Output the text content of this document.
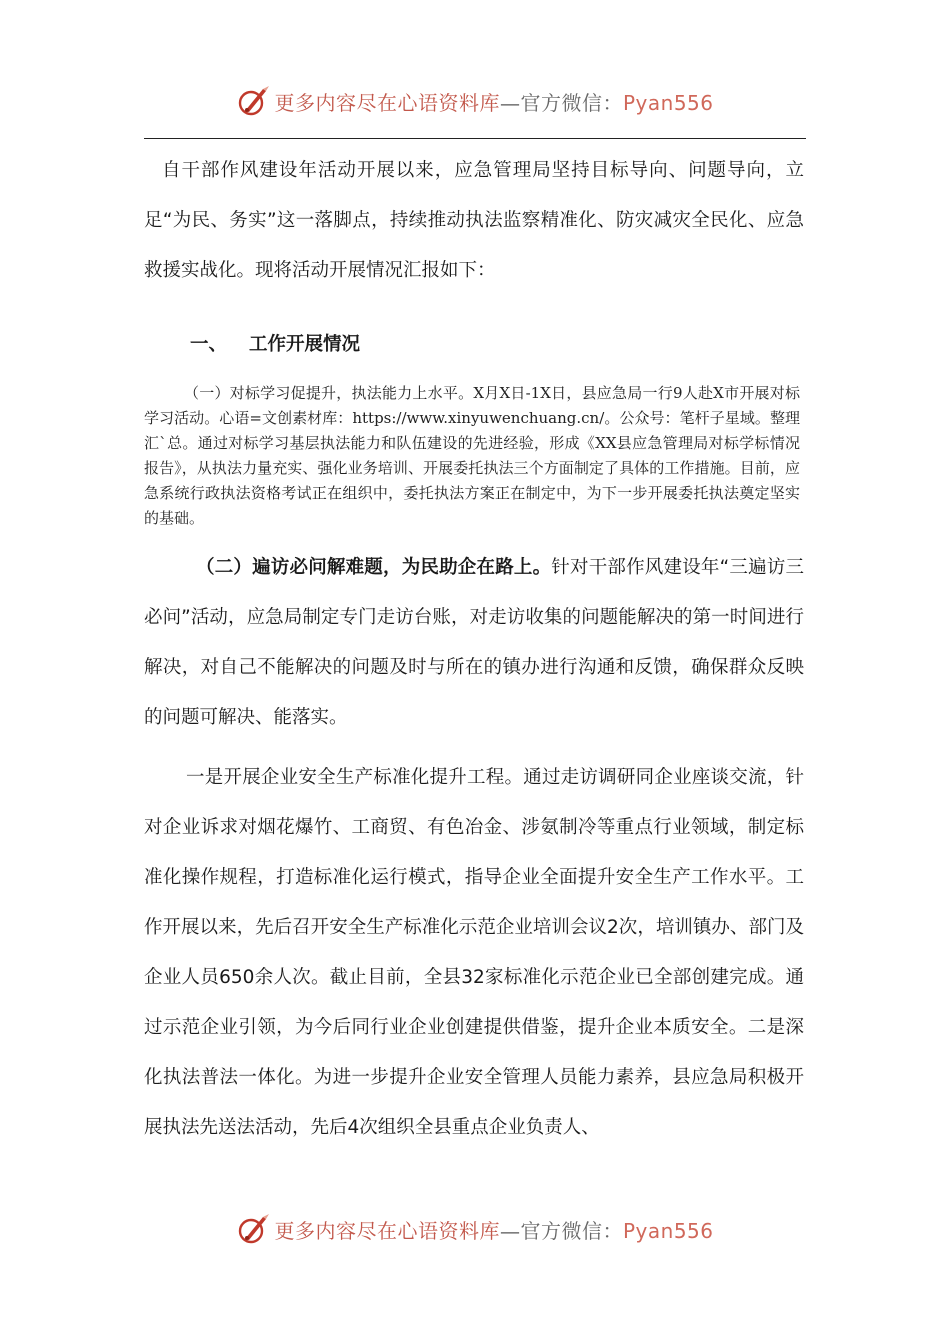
更多内容尽在心语资料库—官方微信：Pyan556

自干部作风建设年活动开展以来，应急管理局坚持目标导向、问题导向，立足“为民、务实”这一落脚点，持续推动执法监察精准化、防灾减灾全民化、应急救援实战化。现将活动开展情况汇报如下：

一、 工作开展情况

（一）对标学习促提升，执法能力上水平。X月X日-1X日，县应急局一行9人赴X市开展对标学习活动。心语=文创素材库：https://www.xinyuwenchuang.cn/。公众号：笔杆子星域。整理汇`总。通过对标学习基层执法能力和队伍建设的先进经验，形成《XX县应急管理局对标学标情况报告》，从执法力量充实、强化业务培训、开展委托执法三个方面制定了具体的工作措施。目前，应急系统行政执法资格考试正在组织中，委托执法方案正在制定中，为下一步开展委托执法奠定坚实的基础。

（二）遍访必问解难题，为民助企在路上。针对干部作风建设年“三遍访三必问”活动，应急局制定专门走访台账，对走访收集的问题能解决的第一时间进行解决，对自己不能解决的问题及时与所在的镇办进行沟通和反馈，确保群众反映的问题可解决、能落实。

一是开展企业安全生产标准化提升工程。通过走访调研同企业座谈交流，针对企业诉求对烟花爆竹、工商贸、有色冶金、涉氨制冷等重点行业领域，制定标准化操作规程，打造标准化运行模式，指导企业全面提升安全生产工作水平。工作开展以来，先后召开安全生产标准化示范企业培训会议2次，培训镇办、部门及企业人员650余人次。截止目前，全县32家标准化示范企业已全部创建完成。通过示范企业引领，为今后同行业企业创建提供借鉴，提升企业本质安全。二是深化执法普法一体化。为进一步提升企业安全管理人员能力素养，县应急局积极开展执法先送法活动，先后4次组织全县重点企业负责人、

更多内容尽在心语资料库—官方微信：Pyan556
